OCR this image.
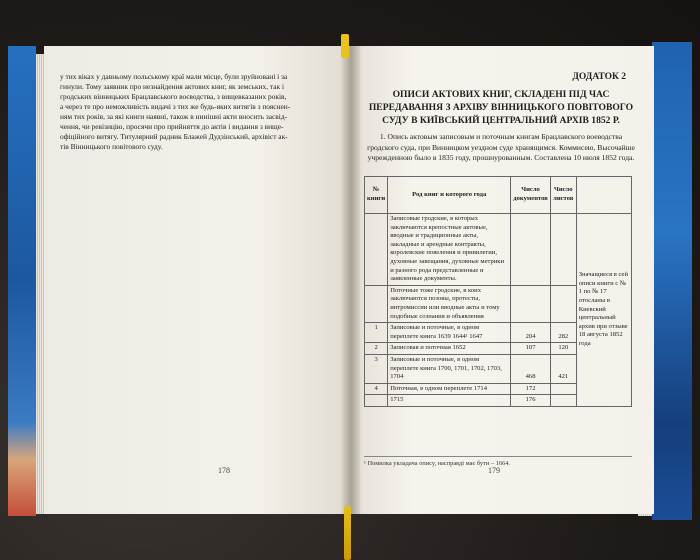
у тих віках у давньому польському краї мали місце, були зруйновані і за

гинули. Тому заявник про незнайдення актових книг, як земських, так і

гродських вінницьких Брацлавського воєводства, з вищевказаних років,

а через те про неможливість видачі з тих же будь-яких витягів з пояснен-

ням тих років, за які книги наявні, також в нинішні акти вносить засвід-

чення, чи ревізицію, просячи про прийняття до актів і видання з вище-

офіційного витягу. Титулярний радник Блажей Дудзінський, архівіст ак-

тів Вінницького повітового суду.

178
ДОДАТОК 2
ОПИСИ АКТОВИХ КНИГ, СКЛАДЕНІ ПІД ЧАС ПЕРЕДАВАННЯ З АРХІВУ ВІННИЦЬКОГО ПОВІТОВОГО СУДУ В КИЇВСЬКИЙ ЦЕНТРАЛЬНИЙ АРХІВ 1852 Р.
1. Опись актовым записовым и поточным книгам Брацлавского воеводства гродского суда, при Винницком уездном суде хранящимся. Коммисею, Высочайше учрежденною было в 1835 году, прошнурованным. Составлена 10 июля 1852 года.
№ книги	Род книг и которого года	Число документов	Число листов	
	Записовые гродские, в которых заключаются крепостные актовые, вводные и традиционные акты, закладные и арендные контракты, королевские повеления и привилегии, духовные завещания, духовные метрики и разного рода представленные и заявленные документы.			Значащиеся в сей описи книги с № 1 по № 17 отосланы в Киевский центральный архив при отзыве 18 августа 1852 года
	Поточные тоже гродские, в коих заключаются позовы, протесты, интромиссии или вводные акты и тому подобные сознания и объявления			
1	Записовые и поточные, в одном переплете книга 1639 1644¹ 1647	204	282	
2	Записовая и поточная 1652	107	120	
3	Записовые и поточные, в одном переплете книга 1700, 1701, 1702, 1703, 1704	468	421	
4	Поточная, в одном переплете 1714	172		
	1715	176		
¹ Помилка укладача опису, насправді має бути – 1664.
179
